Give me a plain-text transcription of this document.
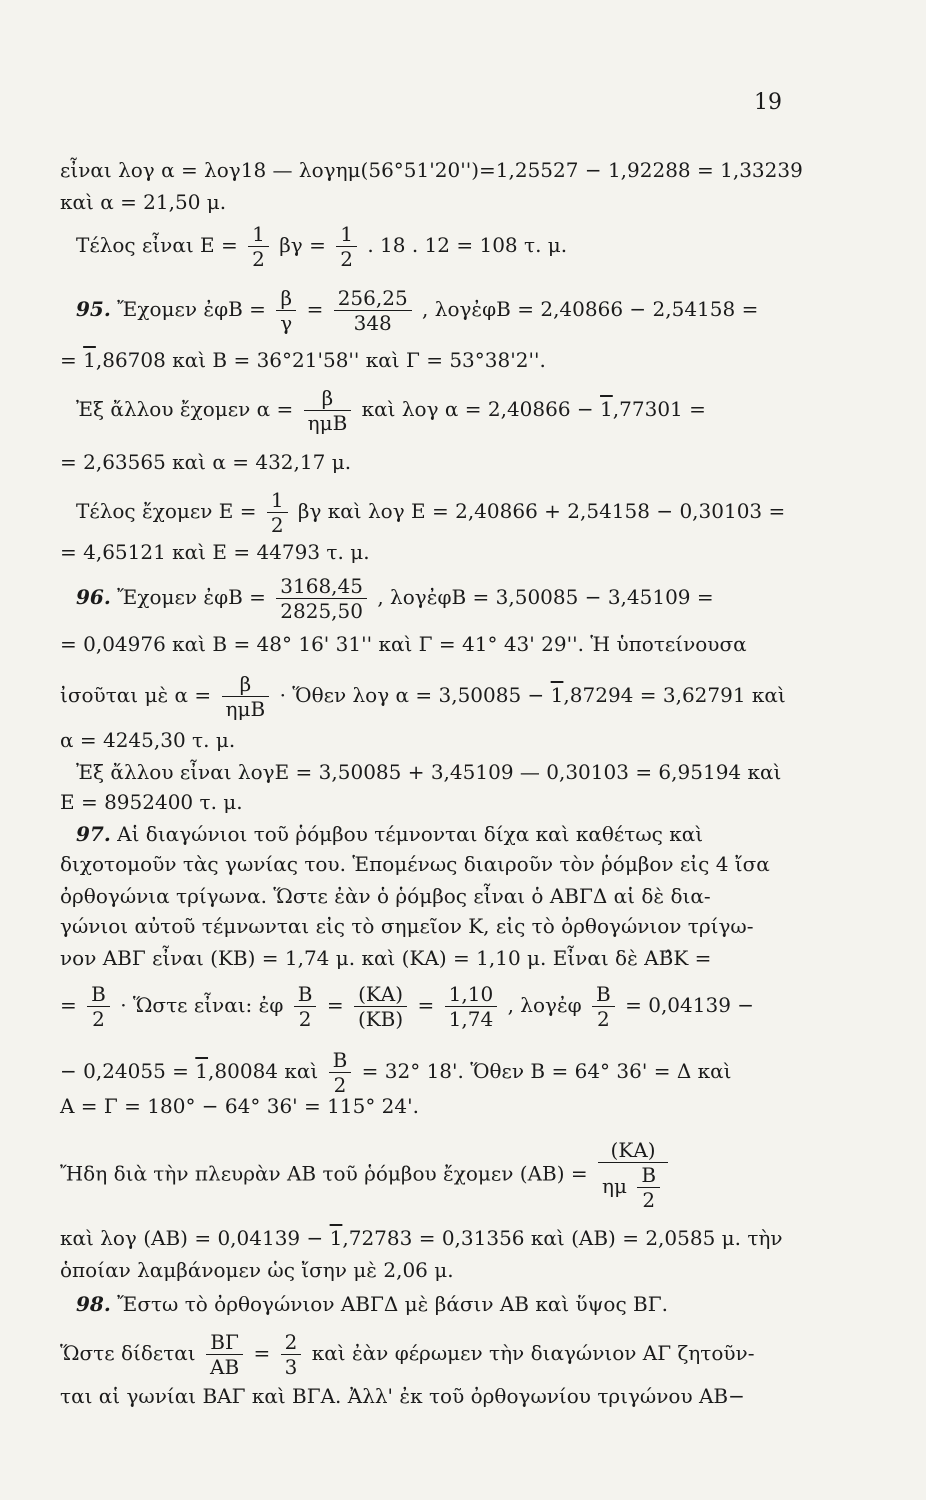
19
εἶναι λογ α = λογ18 — λογημ(56°51'20'')=1,25527 − 1,92288 = 1,33239
καὶ α = 21,50 μ.
Τέλος εἶναι $E = \frac{1}{2}$ $\beta\gamma = \frac{1}{2}$ . 18 . 12 = 108 τ. μ.
95. Ἔχομεν ἐφΒ = $\frac{\beta}{\gamma} = \frac{256,25}{348}$ , λογἐφΒ = 2,40866 − 2,54158 =
= 1,86708 καὶ Β = 36°21'58'' καὶ Γ = 53°38'2''.
Ἐξ ἄλλου ἔχομεν $\alpha = \frac{\beta}{\text{ημΒ}}$ καὶ λογ α = 2,40866 − 1,77301 =
= 2,63565 καὶ α = 432,17 μ.
Τέλος ἔχομεν $E = \frac{1}{2}$ βγ καὶ λογ Ε = 2,40866 + 2,54158 − 0,30103 =
= 4,65121 καὶ Ε = 44793 τ. μ.
96. Ἔχομεν ἐφΒ = $\frac{3168,45}{2825,50}$ , λογἐφΒ = 3,50085 − 3,45109 =
= 0,04976 καὶ Β = 48° 16' 31'' καὶ Γ = 41° 43' 29''. Ἡ ὑποτείνουσα
ἰσοῦται μὲ $\alpha = \frac{\beta}{\text{ημΒ}}$ · Ὅθεν λογ α = 3,50085 − 1,87294 = 3,62791 καὶ
α = 4245,30 τ. μ.
Ἐξ ἄλλου εἶναι λογΕ = 3,50085 + 3,45109 — 0,30103 = 6,95194 καὶ
Ε = 8952400 τ. μ.
97. Αἱ διαγώνιοι τοῦ ῥόμβου τέμνονται δίχα καὶ καθέτως καὶ
διχοτομοῦν τὰς γωνίας του. Ἑπομένως διαιροῦν τὸν ῥόμβον εἰς 4 ἴσα
ὀρθογώνια τρίγωνα. Ὥστε ἐὰν ὁ ῥόμβος εἶναι ὁ ΑΒΓΔ αἱ δὲ δια-
γώνιοι αὐτοῦ τέμνωνται εἰς τὸ σημεῖον Κ, εἰς τὸ ὀρθογώνιον τρίγω-
νον ΑΒΓ εἶναι (ΚΒ) = 1,74 μ. καὶ (ΚΑ) = 1,10 μ. Εἶναι δὲ ΑΒ̂Κ =
= $\frac{B}{2}$ · Ὥστε εἶναι: ἐφ $\frac{B}{2} = \frac{(KA)}{(KB)} = \frac{1,10}{1,74}$ , λογἐφ $\frac{B}{2} = 0,04139$ −
− 0,24055 = 1,80084 καὶ $\frac{B}{2} = 32^\circ$ 18'. Ὅθεν Β = 64° 36' = Δ καὶ
Α = Γ = 180° − 64° 36' = 115° 24'.
Ἤδη διὰ τὴν πλευρὰν ΑΒ τοῦ ῥόμβου ἔχομεν $(AB) = \frac{(KA)}{\eta\mu \frac{B}{2}}$
καὶ λογ (ΑΒ) = 0,04139 − 1,72783 = 0,31356 καὶ (ΑΒ) = 2,0585 μ. τὴν
ὁποίαν λαμβάνομεν ὡς ἴσην μὲ 2,06 μ.
98. Ἔστω τὸ ὀρθογώνιον ΑΒΓΔ μὲ βάσιν ΑΒ καὶ ὕψος ΒΓ.
Ὥστε δίδεται $\frac{B\Gamma}{AB} = \frac{2}{3}$ καὶ ἐὰν φέρωμεν τὴν διαγώνιον ΑΓ ζητοῦν-
ται αἱ γωνίαι ΒΑΓ καὶ ΒΓΑ. Ἀλλ' ἐκ τοῦ ὀρθογωνίου τριγώνου ΑΒ−
